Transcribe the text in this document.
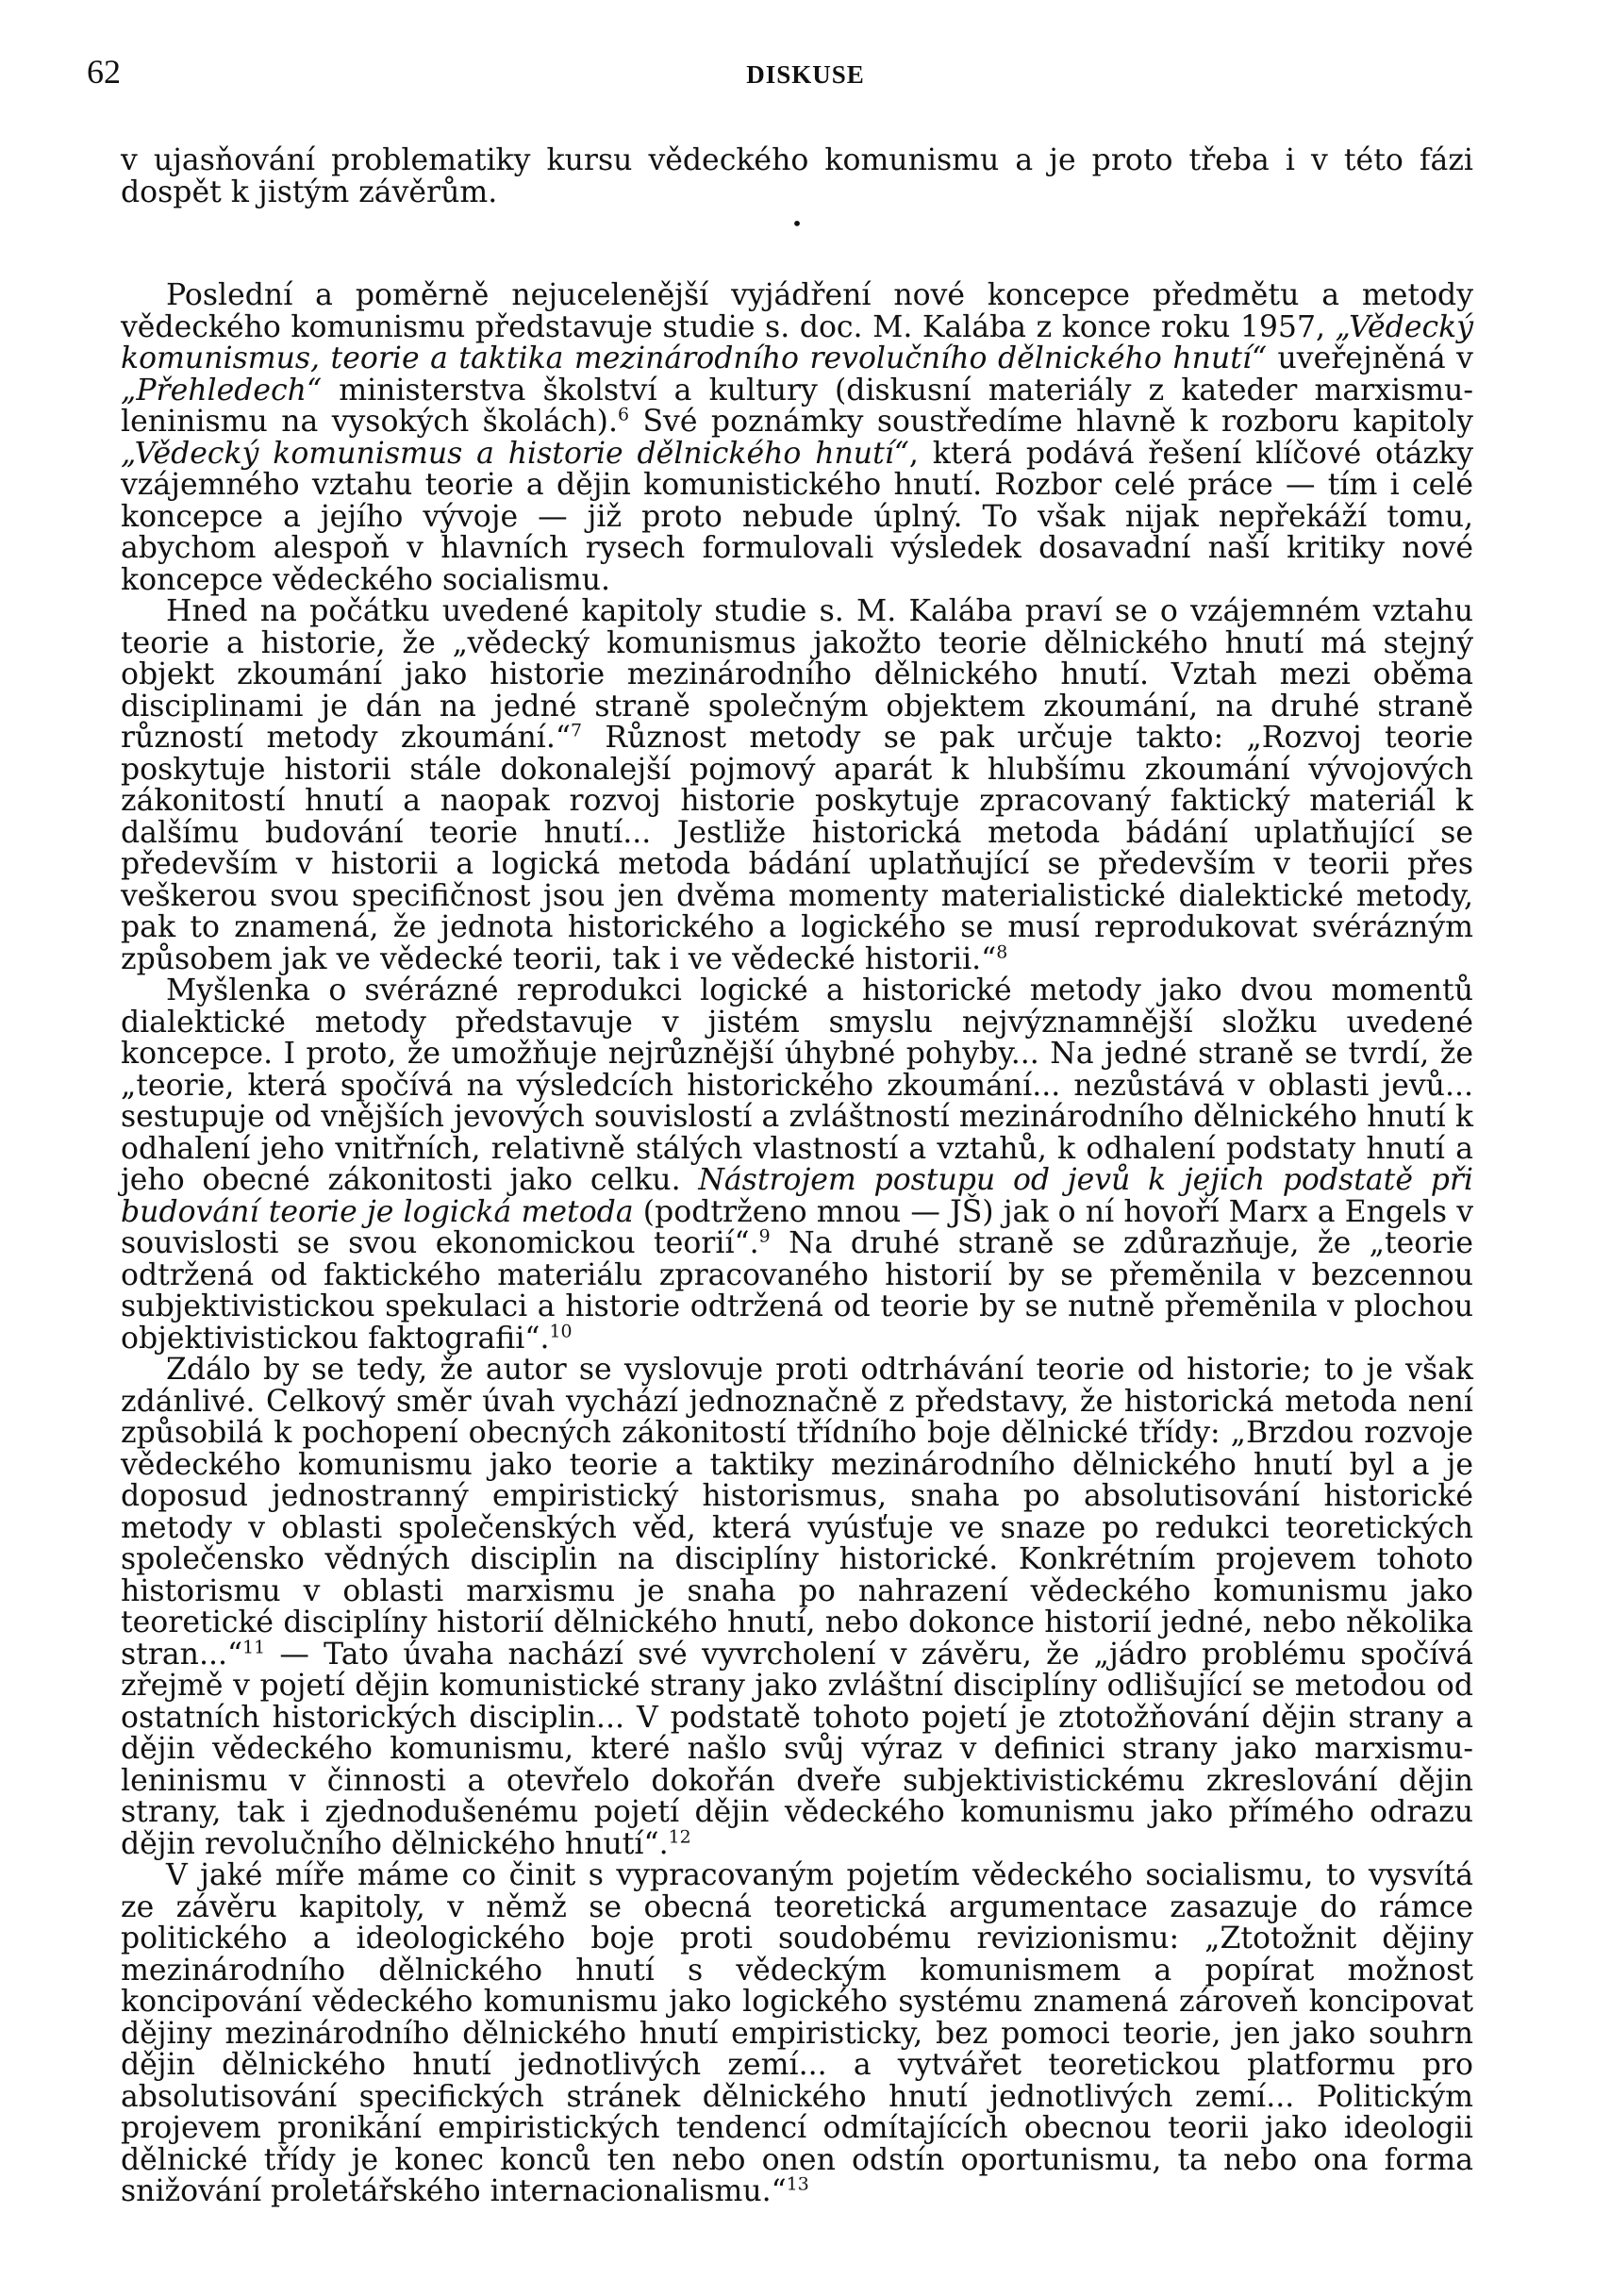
62	DISKUSE

v ujasňování problematiky kursu vědeckého komunismu a je proto třeba i v této fázi dospět k jistým závěrům.

•

Poslední a poměrně nejucelenější vyjádření nové koncepce předmětu a metody vědeckého komunismu představuje studie s. doc. M. Kalába z konce roku 1957, „Vědecký komunismus, teorie a taktika mezinárodního revolučního dělnického hnutí“ uveřejněná v „Přehledech“ ministerstva školství a kultury (diskusní materiály z kateder marxismu-leninismu na vysokých školách).$^6$ Své poznámky soustředíme hlavně k rozboru kapitoly „Vědecký komunismus a historie dělnického hnutí“, která podává řešení klíčové otázky vzájemného vztahu teorie a dějin komunistického hnutí. Rozbor celé práce — tím i celé koncepce a jejího vývoje — již proto nebude úplný. To však nijak nepřekáží tomu, abychom alespoň v hlavních rysech formulovali výsledek dosavadní naší kritiky nové koncepce vědeckého socialismu.

Hned na počátku uvedené kapitoly studie s. M. Kalába praví se o vzájemném vztahu teorie a historie, že „vědecký komunismus jakožto teorie dělnického hnutí má stejný objekt zkoumání jako historie mezinárodního dělnického hnutí. Vztah mezi oběma disciplinami je dán na jedné straně společným objektem zkoumání, na druhé straně růzností metody zkoumání.“$^7$ Různost metody se pak určuje takto: „Rozvoj teorie poskytuje historii stále dokonalejší pojmový aparát k hlubšímu zkoumání vývojových zákonitostí hnutí a naopak rozvoj historie poskytuje zpracovaný faktický materiál k dalšímu budování teorie hnutí... Jestliže historická metoda bádání uplatňující se především v historii a logická metoda bádání uplatňující se především v teorii přes veškerou svou specifičnost jsou jen dvěma momenty materialistické dialektické metody, pak to znamená, že jednota historického a logického se musí reprodukovat svérázným způsobem jak ve vědecké teorii, tak i ve vědecké historii.“$^8$

Myšlenka o svérázné reprodukci logické a historické metody jako dvou momentů dialektické metody představuje v jistém smyslu nejvýznamnější složku uvedené koncepce. I proto, že umožňuje nejrůznější úhybné pohyby... Na jedné straně se tvrdí, že „teorie, která spočívá na výsledcích historického zkoumání... nezůstává v oblasti jevů... sestupuje od vnějších jevových souvislostí a zvláštností mezinárodního dělnického hnutí k odhalení jeho vnitřních, relativně stálých vlastností a vztahů, k odhalení podstaty hnutí a jeho obecné zákonitosti jako celku. Nástrojem postupu od jevů k jejich podstatě při budování teorie je logická metoda (podtrženo mnou — JŠ) jak o ní hovoří Marx a Engels v souvislosti se svou ekonomickou teorií“.$^9$ Na druhé straně se zdůrazňuje, že „teorie odtržená od faktického materiálu zpracovaného historií by se přeměnila v bezcennou subjektivistickou spekulaci a historie odtržená od teorie by se nutně přeměnila v plochou objektivistickou faktografii“.$^{10}$

Zdálo by se tedy, že autor se vyslovuje proti odtrhávání teorie od historie; to je však zdánlivé. Celkový směr úvah vychází jednoznačně z představy, že historická metoda není způsobilá k pochopení obecných zákonitostí třídního boje dělnické třídy: „Brzdou rozvoje vědeckého komunismu jako teorie a taktiky mezinárodního dělnického hnutí byl a je doposud jednostranný empiristický historismus, snaha po absolutisování historické metody v oblasti společenských věd, která vyúsťuje ve snaze po redukci teoretických společensko vědných disciplin na disciplíny historické. Konkrétním projevem tohoto historismu v oblasti marxismu je snaha po nahrazení vědeckého komunismu jako teoretické disciplíny historií dělnického hnutí, nebo dokonce historií jedné, nebo několika stran...“$^{11}$ — Tato úvaha nachází své vyvrcholení v závěru, že „jádro problému spočívá zřejmě v pojetí dějin komunistické strany jako zvláštní disciplíny odlišující se metodou od ostatních historických disciplin... V podstatě tohoto pojetí je ztotožňování dějin strany a dějin vědeckého komunismu, které našlo svůj výraz v definici strany jako marxismu-leninismu v činnosti a otevřelo dokořán dveře subjektivistickému zkreslování dějin strany, tak i zjednodušenému pojetí dějin vědeckého komunismu jako přímého odrazu dějin revolučního dělnického hnutí“.$^{12}$

V jaké míře máme co činit s vypracovaným pojetím vědeckého socialismu, to vysvítá ze závěru kapitoly, v němž se obecná teoretická argumentace zasazuje do rámce politického a ideologického boje proti soudobému revizionismu: „Ztotožnit dějiny mezinárodního dělnického hnutí s vědeckým komunismem a popírat možnost koncipování vědeckého komunismu jako logického systému znamená zároveň koncipovat dějiny mezinárodního dělnického hnutí empiristicky, bez pomoci teorie, jen jako souhrn dějin dělnického hnutí jednotlivých zemí... a vytvářet teoretickou platformu pro absolutisování specifických stránek dělnického hnutí jednotlivých zemí... Politickým projevem pronikání empiristických tendencí odmítajících obecnou teorii jako ideologii dělnické třídy je konec konců ten nebo onen odstín oportunismu, ta nebo ona forma snižování proletářského internacionalismu.“$^{13}$
